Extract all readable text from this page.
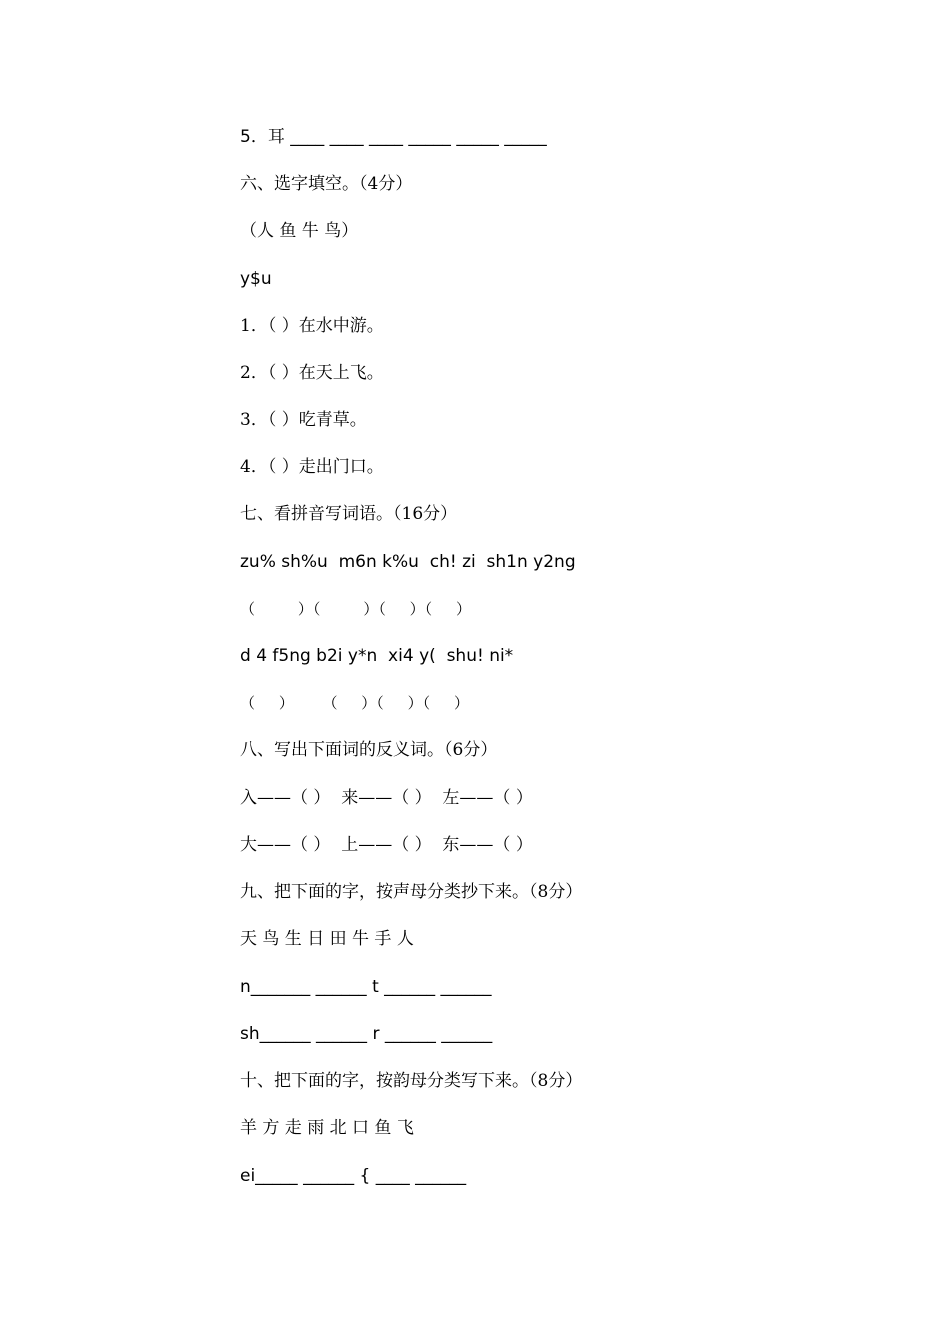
5．耳 ____ ____ ____ _____ _____ _____
六、选字填空。（4分）
（人 鱼 牛 鸟）
y$u
1．（ ）在水中游。
2．（ ）在天上飞。
3．（ ）吃青草。
4．（ ）走出门口。
七、看拼音写词语。（16分）
zu% sh%u  m6n k%u  ch! zi  sh1n y2ng
（         ）（         ）（     ）（     ）
d 4 f5ng b2i y*n  xi4 y(  shu! ni*
（     ）      （     ）（     ）（     ）
八、写出下面词的反义词。（6分）
入——（ ）  来——（ ）  左——（ ）
大——（ ）  上——（ ）  东——（ ）
九、把下面的字，按声母分类抄下来。（8分）
天 鸟 生 日 田 牛 手 人
n_______ ______ t ______ ______
sh______ ______ r ______ ______
十、把下面的字，按韵母分类写下来。（8分）
羊 方 走 雨 北 口 鱼 飞
ei_____ ______ { ____ ______
